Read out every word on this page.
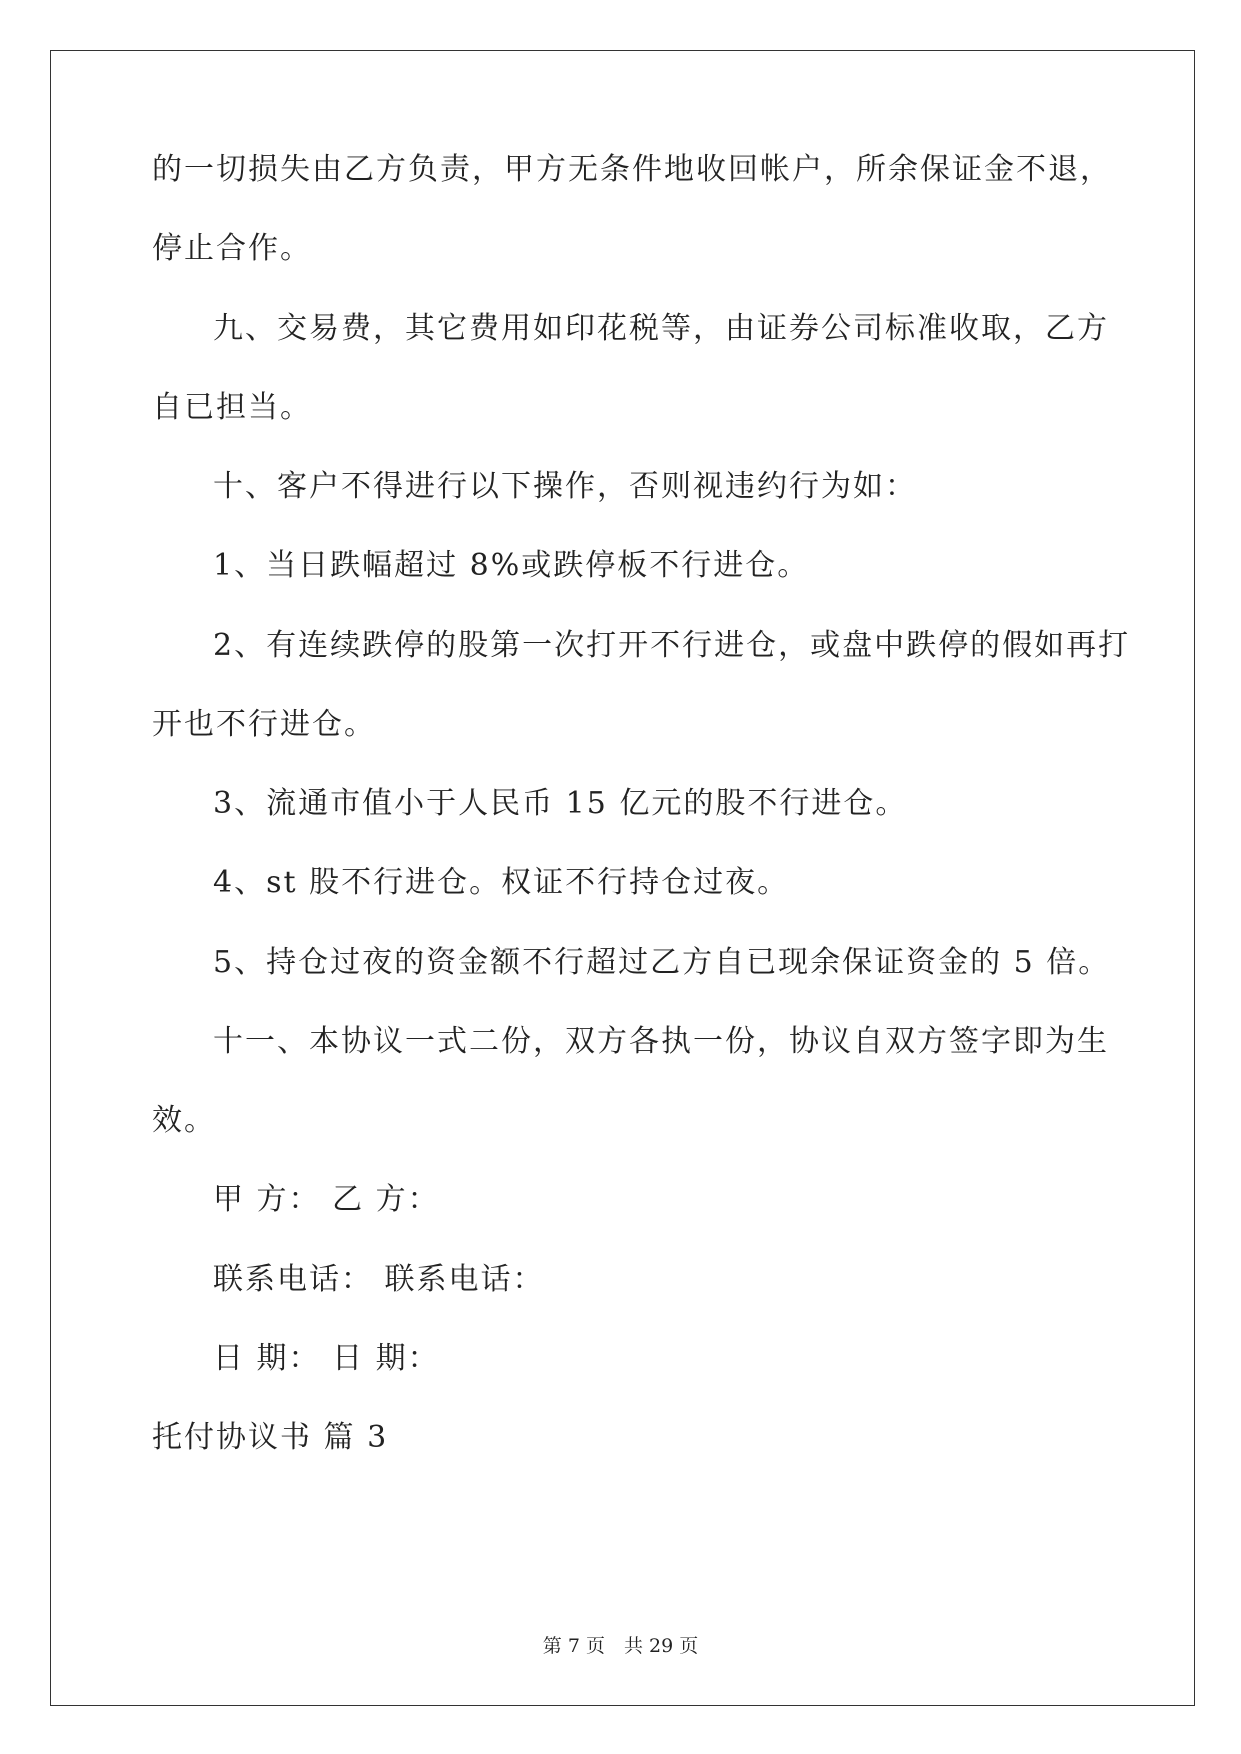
的一切损失由乙方负责，甲方无条件地收回帐户，所余保证金不退，
停止合作。
九、交易费，其它费用如印花税等，由证券公司标准收取，乙方
自已担当。
十、客户不得进行以下操作，否则视违约行为如：
1、当日跌幅超过 8%或跌停板不行进仓。
2、有连续跌停的股第一次打开不行进仓，或盘中跌停的假如再打
开也不行进仓。
3、流通市值小于人民币 15 亿元的股不行进仓。
4、st 股不行进仓。权证不行持仓过夜。
5、持仓过夜的资金额不行超过乙方自已现余保证资金的 5 倍。
十一、本协议一式二份，双方各执一份，协议自双方签字即为生
效。
甲 方： 乙 方：
联系电话： 联系电话：
日 期： 日 期：
托付协议书 篇 3
第 7 页　共 29 页
